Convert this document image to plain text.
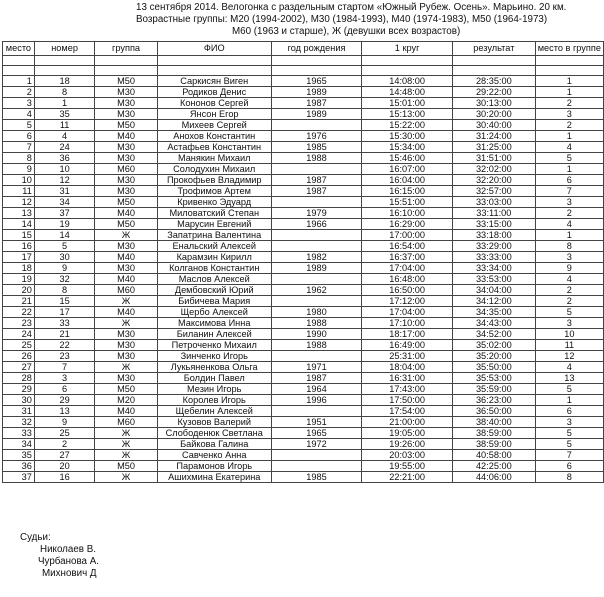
13 сентября 2014. Велогонка с раздельным стартом «Южный Рубеж. Осень». Марьино. 20 км.
Возрастные группы: М20 (1994-2002), М30 (1984-1993), М40 (1974-1983), М50 (1964-1973)
М60 (1963 и старше), Ж (девушки всех возрастов)
место	номер	группа	ФИО	год рождения	1 круг	результат	место в группе

1	18	М50	Саркисян Виген	1965	14:08:00	28:35:00	1
2	8	М30	Родиков Денис	1989	14:48:00	29:22:00	1
3	1	М30	Кононов Сергей	1987	15:01:00	30:13:00	2
4	35	М30	Янсон Егор	1989	15:13:00	30:20:00	3
5	11	М50	Михеев Сергей		15:22:00	30:40:00	2
6	4	М40	Анохов Константин	1976	15:30:00	31:24:00	1
7	24	М30	Астафьев Константин	1985	15:34:00	31:25:00	4
8	36	М30	Манякин Михаил	1988	15:46:00	31:51:00	5
9	10	М60	Солодухин Михаил		16:07:00	32:02:00	1
10	12	М30	Прокофьев Владимир	1987	16:04:00	32:20:00	6
11	31	М30	Трофимов Артем	1987	16:15:00	32:57:00	7
12	34	М50	Кривенко Эдуард		15:51:00	33:03:00	3
13	37	М40	Миловатский Степан	1979	16:10:00	33:11:00	2
14	19	М50	Марусин Евгений	1966	16:29:00	33:15:00	4
15	14	Ж	Запатрина Валентина		17:00:00	33:18:00	1
16	5	М30	Енальский Алексей		16:54:00	33:29:00	8
17	30	М40	Карамзин Кирилл	1982	16:37:00	33:33:00	3
18	9	М30	Колганов Константин	1989	17:04:00	33:34:00	9
19	32	М40	Маслов Алексей		16:48:00	33:53:00	4
20	8	М60	Дембовский Юрий	1962	16:50:00	34:04:00	2
21	15	Ж	Бибичева Мария		17:12:00	34:12:00	2
22	17	М40	Щербо Алексей	1980	17:04:00	34:35:00	5
23	33	Ж	Максимова Инна	1988	17:10:00	34:43:00	3
24	21	М30	Биланин Алексей	1990	18:17:00	34:52:00	10
25	22	М30	Петроченко Михаил	1988	16:49:00	35:02:00	11
26	23	М30	Зинченко Игорь		25:31:00	35:20:00	12
27	7	Ж	Лукьяненкова Ольга	1971	18:04:00	35:50:00	4
28	3	М30	Болдин Павел	1987	16:31:00	35:53:00	13
29	6	М50	Мезин Игорь	1964	17:43:00	35:59:00	5
30	29	М20	Королев Игорь	1996	17:50:00	36:23:00	1
31	13	М40	Щебелин Алексей		17:54:00	36:50:00	6
32	9	М60	Кузовов Валерий	1951	21:00:00	38:40:00	3
33	25	Ж	Слободенюк Светлана	1965	19:05:00	38:59:00	5
34	2	Ж	Байкова Галина	1972	19:26:00	38:59:00	5
35	27	Ж	Савченко Анна		20:03:00	40:58:00	7
36	20	М50	Парамонов Игорь		19:55:00	42:25:00	6
37	16	Ж	Ашихмина Екатерина	1985	22:21:00	44:06:00	8
Судьи:
Николаев В.
Чурбанова А.
Михнович Д
